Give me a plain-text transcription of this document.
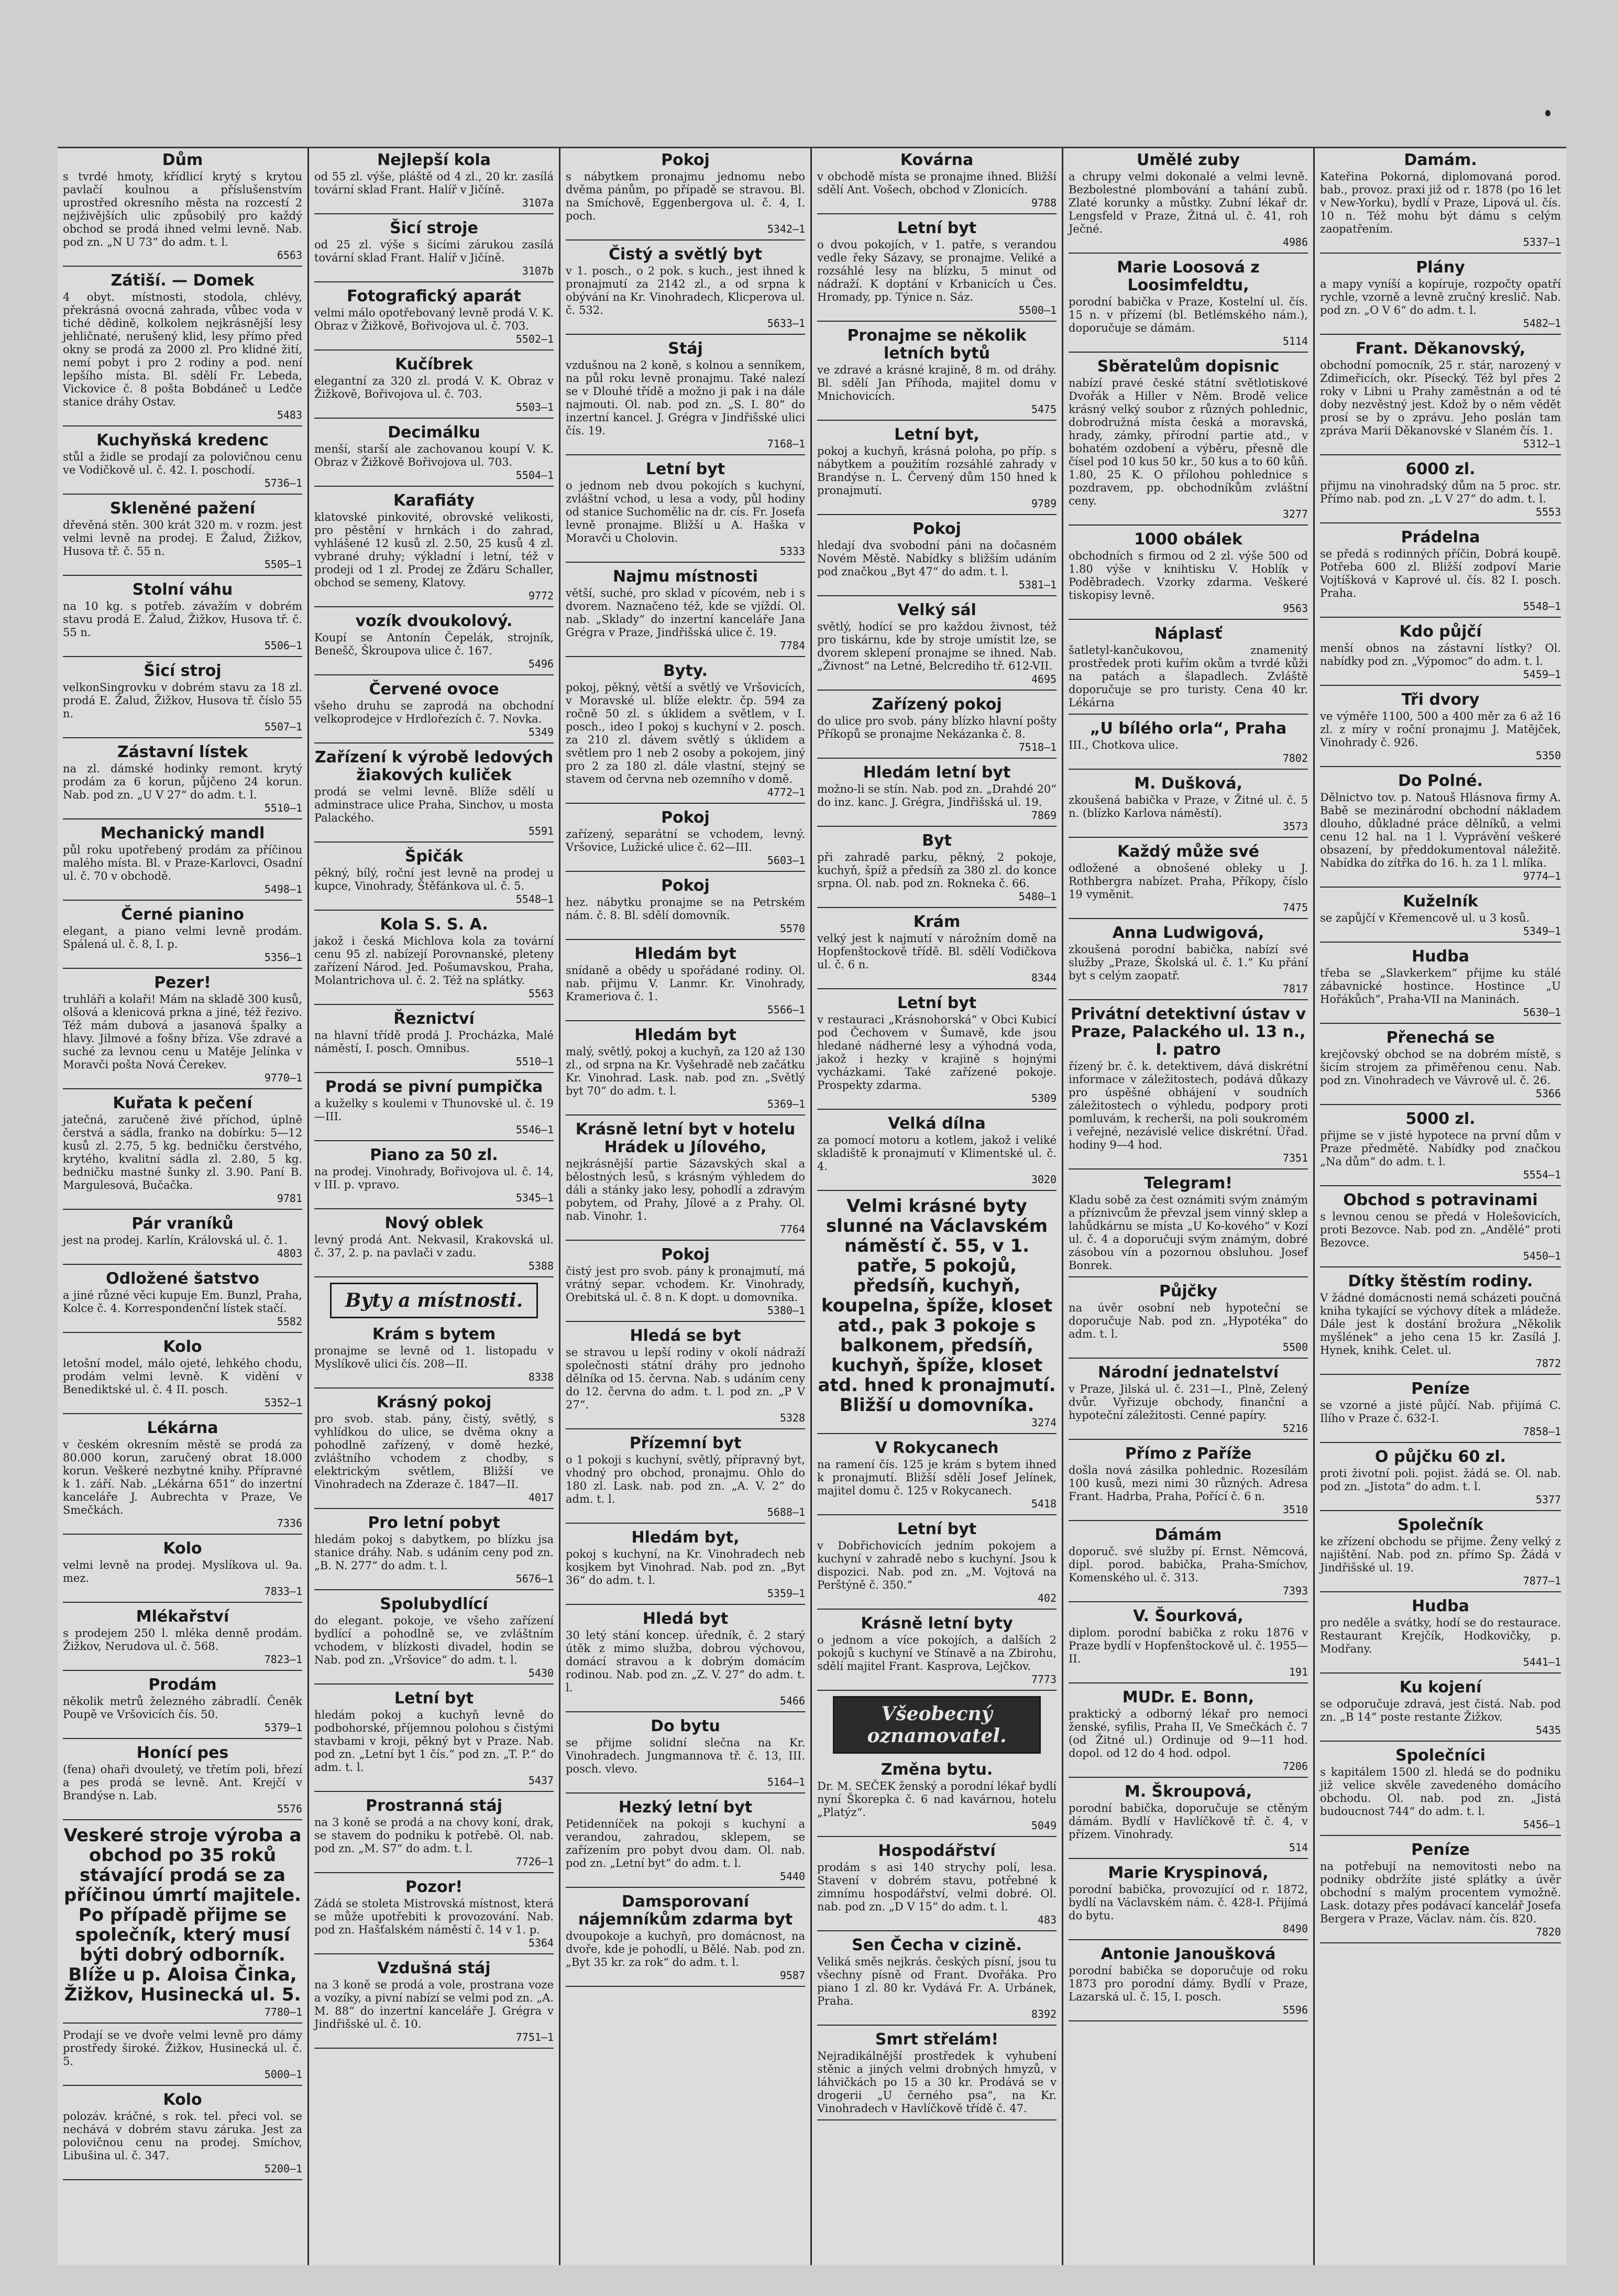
Dům

s tvrdé hmoty, křídlicí krytý s krytou pavlačí koulnou a příslušenstvím uprostřed okresního města na rozcestí 2 nejživějších ulic způsobilý pro každý obchod se prodá ihned velmi levně. Nab. pod zn. „N U 73“ do adm. t. l.

6563

Zátiší. — Domek

4 obyt. místnosti, stodola, chlévy, překrásná ovocná zahrada, vůbec voda v tiché dědině, kolkolem nejkrásnější lesy jehličnaté, nerušený klid, lesy přímo před okny se prodá za 2000 zl. Pro klidné žití, nemí pobyt i pro 2 rodiny a pod. není lepšího místa. Bl. sdělí Fr. Lebeda, Vickovice č. 8 pošta Bobdáneč u Ledče stanice dráhy Ostav.

5483

Kuchyňská kredenc

stůl a židle se prodají za polovičnou cenu ve Vodičkově ul. č. 42. I. poschodí.

5736—1

Skleněné pažení

dřevěná stěn. 300 krát 320 m. v rozm. jest velmi levně na prodej. E Žalud, Žižkov, Husova tř. č. 55 n.

5505—1

Stolní váhu

na 10 kg. s potřeb. závažím v dobrém stavu prodá E. Žalud, Žižkov, Husova tř. č. 55 n.

5506—1

Šicí stroj

velkonSingrovku v dobrém stavu za 18 zl. prodá E. Žalud, Žižkov, Husova tř. číslo 55 n.

5507—1

Zástavní lístek

na zl. dámské hodinky remont. krytý prodám za 6 korun, půjčeno 24 korun. Nab. pod zn. „U V 27“ do adm. t. l.

5510—1

Mechanický mandl

půl roku upotřebený prodám za příčinou malého místa. Bl. v Praze-Karlovci, Osadní ul. č. 70 v obchodě.

5498—1

Černé pianino

elegant, a piano velmi levně prodám. Spálená ul. č. 8, I. p.

5356—1

Pezer!

truhláři a kolaři! Mám na skladě 300 kusů, olšová a klenicová prkna a jiné, též řezivo. Též mám dubová a jasanová špalky a hlavy. Jilmové a fošny bříza. Vše zdravé a suché za levnou cenu u Matěje Jelínka v Moravči pošta Nová Čerekev.

9770—1

Kuřata k pečení

jatečná, zaručeně živé příchod, úplně čerstvá a sádla, franko na dobírku: 5—12 kusů zl. 2.75, 5 kg. bedničku čerstvého, krytého, kvalitní sádla zl. 2.80, 5 kg. bedničku mastné šunky zl. 3.90. Paní B. Margulesová, Bučačka.

9781

Pár vraníků

jest na prodej. Karlín, Královská ul. č. 1.

4803

Odložené šatstvo

a jiné různé věci kupuje Em. Bunzl, Praha, Kolce č. 4. Korrespondenční lístek stačí.

5582

Kolo

letošní model, málo ojeté, lehkého chodu, prodám velmi levně. K vidění v Benediktské ul. č. 4 II. posch.

5352—1

Lékárna

v českém okresním městě se prodá za 80.000 korun, zaručený obrat 18.000 korun. Veškeré nezbytné knihy. Přípravné k 1. září. Nab. „Lékárna 651“ do inzertní kanceláře J. Aubrechta v Praze, Ve Smečkách.

7336

Kolo

velmi levně na prodej. Myslíkova ul. 9a. mez.

7833—1

Mlékařství

s prodejem 250 l. mléka denně prodám. Žižkov, Nerudova ul. č. 568.

7823—1

Prodám

několik metrů železného zábradlí. Čeněk Poupě ve Vršovicích čís. 50.

5379—1

Honící pes

(fena) ohaři dvouletý, ve třetím poli, březí a pes prodá se levně. Ant. Krejčí v Brandýse n. Lab.

5576

Veskeré stroje výroba a obchod po 35 roků stávající prodá se za příčinou úmrtí majitele. Po případě přijme se společník, který musí býti dobrý odborník. Blíže u p. Aloisa Činka, Žižkov, Husinecká ul. 5.

7780—1

Prodají se ve dvoře velmi levně pro dámy prostředy široké. Žižkov, Husinecká ul. č. 5.

5000—1

Kolo

polozáv. kráčné, s rok. tel. přeci vol. se nechává v dobrém stavu záruka. Jest za polovičnou cenu na prodej. Smíchov, Libušina ul. č. 347.

5200—1

Nejlepší kola

od 55 zl. výše, pláště od 4 zl., 20 kr. zasílá tovární sklad Frant. Halíř v Jičíně.

3107a

Šicí stroje

od 25 zl. výše s šicími zárukou zasílá tovární sklad Frant. Halíř v Jičíně.

3107b

Fotografický aparát

velmi málo opotřebovaný levně prodá V. K. Obraz v Žižkově, Bořivojova ul. č. 703.

5502—1

Kučíbrek

elegantní za 320 zl. prodá V. K. Obraz v Žižkově, Bořivojova ul. č. 703.

5503—1

Decimálku

menší, starší ale zachovanou koupí V. K. Obraz v Žižkově Bořivojova ul. 703.

5504—1

Karafiáty

klatovské pinkovité, obrovské velikosti, pro pěstění v hrnkách i do zahrad, vyhlášené 12 kusů zl. 2.50, 25 kusů 4 zl. vybrané druhy; výkladní i letní, též v prodeji od 1 zl. Prodej ze Žďáru Schaller, obchod se semeny, Klatovy.

9772

vozík dvoukolový.

Koupí se Antonín Čepelák, strojník, Benešč, Škroupova ulice č. 167.

5496

Červené ovoce

všeho druhu se zaprodá na obchodní velkoprodejce v Hrdlořezích č. 7. Novka.

5349

Zařízení k výrobě ledových žiakových kuliček

prodá se velmi levně. Blíže sdělí u adminstrace ulice Praha, Sinchov, u mosta Palackého.

5591

Špičák

pěkný, bílý, roční jest levně na prodej u kupce, Vinohrady, Štěfánkova ul. č. 5.

5548—1

Kola S. S. A.

jakož i česká Michlova kola za tovární cenu 95 zl. nabízejí Porovnanské, pleteny zařízení Národ. Jed. Pošumavskou, Praha, Molantrichova ul. č. 2. Též na splátky.

5563

Řeznictví

na hlavní třídě prodá J. Procházka, Malé náměstí, I. posch. Omnibus.

5510—1

Prodá se pivní pumpička

a kuželky s koulemi v Thunovské ul. č. 19—III.

5546—1

Piano za 50 zl.

na prodej. Vinohrady, Bořivojova ul. č. 14, v III. p. vpravo.

5345—1

Nový oblek

levný prodá Ant. Nekvasil, Krakovská ul. č. 37, 2. p. na pavlači v zadu.

5388

Byty a místnosti.
Krám s bytem

pronajme se levně od 1. listopadu v Myslíkově ulici čís. 208—II.

8338

Krásný pokoj

pro svob. stab. pány, čistý, světlý, s vyhlídkou do ulice, se dvěma okny a pohodlně zařízený, v domě hezké, zvláštního vchodem z chodby, s elektrickým světlem, Bližší ve Vinohradech na Zderaze č. 1847—II.

4017

Pro letní pobyt

hledám pokoj s dabytkem, po blízku jsa stanice dráhy. Nab. s udáním ceny pod zn. „B. N. 277“ do adm. t. l.

5676—1

Spolubydlící

do elegant. pokoje, ve všeho zařízení bydlící a pohodlně se, ve zvláštním vchodem, v blízkosti divadel, hodin se Nab. pod zn. „Vršovice“ do adm. t. l.

5430

Letní byt

hledám pokoj a kuchyň levně do podbohorské, příjemnou polohou s čistými stavbami v kroji, pěkný byt v Praze. Nab. pod zn. „Letní byt 1 čís.“ pod zn. „T. P.“ do adm. t. l.

5437

Prostranná stáj

na 3 koně se prodá a na chovy koní, drak, se stavem do podniku k potřebě. Ol. nab. pod zn. „M. S7“ do adm. t. l.

7726—1

Pozor!

Zádá se stoleta Mistrovská místnost, která se může upotřebiti k provozování. Nab. pod zn. Hašťalském náměstí č. 14 v 1. p.

5364

Vzdušná stáj

na 3 koně se prodá a vole, prostrana voze a vozíky, a pivní nabízí se velmi pod zn. „A. M. 88“ do inzertní kanceláře J. Grégra v Jindřišské ul. č. 10.

7751—1

Pokoj

s nábytkem pronajmu jednomu nebo dvěma pánům, po případě se stravou. Bl. na Smíchově, Eggenbergova ul. č. 4, I. poch.

5342—1

Čistý a světlý byt

v 1. posch., o 2 pok. s kuch., jest ihned k pronajmutí za 2142 zl., a od srpna k obývání na Kr. Vinohradech, Klicperova ul. č. 532.

5633—1

Stáj

vzdušnou na 2 koně, s kolnou a senníkem, na půl roku levně pronajmu. Také nalezí se v Dlouhé třídě a možno ji pak i na dále najmouti. Ol. nab. pod zn. „S. I. 80“ do inzertní kancel. J. Grégra v Jindřišské ulici čís. 19.

7168—1

Letní byt

o jednom neb dvou pokojích s kuchyní, zvláštní vchod, u lesa a vody, půl hodiny od stanice Suchomělic na dr. cís. Fr. Josefa levně pronajme. Bližší u A. Haška v Moravči u Cholovin.

5333

Najmu místnosti

větší, suché, pro sklad v pícovém, neb i s dvorem. Naznačeno též, kde se vjíždí. Ol. nab. „Sklady“ do inzertní kanceláře Jana Grégra v Praze, Jindřišská ulice č. 19.

7784

Byty.

pokoj, pěkný, větší a světlý ve Vršovicích, v Moravské ul. blíže elektr. čp. 594 za ročně 50 zl. s úklidem a světlem, v I. posch., ideo I pokoj s kuchyní v 2. posch. za 210 zl. dávem světlý s úklidem a světlem pro 1 neb 2 osoby a pokojem, jiný pro 2 za 180 zl. dále vlastní, stejný se stavem od června neb ozemního v domě.

4772—1

Pokoj

zařízený, separátní se vchodem, levný. Vršovice, Lužické ulice č. 62—III.

5603—1

Pokoj

hez. nábytku pronajme se na Petrském nám. č. 8. Bl. sdělí domovník.

5570

Hledám byt

snídaně a obědy u spořádané rodiny. Ol. nab. přijmu V. Lanmr. Kr. Vinohrady, Krameriova č. 1.

5566—1

Hledám byt

malý, světlý, pokoj a kuchyň, za 120 až 130 zl., od srpna na Kr. Vyšehradě neb začátku Kr. Vinohrad. Lask. nab. pod zn. „Světlý byt 70“ do adm. t. l.

5369—1

Krásně letní byt v hotelu Hrádek u Jílového,

nejkrásnější partie Sázavských skal a bělostných lesů, s krásným výhledem do dáli a stánky jako lesy, pohodlí a zdravým pobytem, od Prahy, Jílové a z Prahy. Ol. nab. Vinohr. 1.

7764

Pokoj

čistý jest pro svob. pány k pronajmutí, má vrátný separ. vchodem. Kr. Vinohrady, Orebitská ul. č. 8 n. K dopt. u domovníka.

5380—1

Hledá se byt

se stravou u lepší rodiny v okolí nádraží společnosti státní dráhy pro jednoho dělníka od 15. června. Nab. s udáním ceny do 12. června do adm. t. l. pod zn. „P V 27“.

5328

Přízemní byt

o 1 pokoji s kuchyní, světlý, přípravný byt, vhodný pro obchod, pronajmu. Ohlo do 180 zl. Lask. nab. pod zn. „A. V. 2“ do adm. t. l.

5688—1

Hledám byt,

pokoj s kuchyní, na Kr. Vinohradech neb kosjkem byt Vinohrad. Nab. pod zn. „Byt 36“ do adm. t. l.

5359—1

Hledá byt

30 letý stání koncep. úředník, č. 2 starý útěk z mimo služba, dobrou výchovou, domácí stravou a k dobrým domácím rodinou. Nab. pod zn. „Z. V. 27“ do adm. t. l.

5466

Do bytu

se přijme solidní slečna na Kr. Vinohradech. Jungmannova tř. č. 13, III. posch. vlevo.

5164—1

Hezký letní byt

Petidenníček na pokoji s kuchyní a verandou, zahradou, sklepem, se zařízením pro pobyt dvou dam. Ol. nab. pod zn. „Letní byt“ do adm. t. l.

5440

Damsporovaní nájemníkům zdarma byt

dvoupokoje a kuchyň, pro domácnost, na dvoře, kde je pohodlí, u Bělé. Nab. pod zn. „Byt 35 kr. za rok“ do adm. t. l.

9587

Kovárna

v obchodě místa se pronajme ihned. Bližší sdělí Ant. Vošech, obchod v Zlonicích.

9788

Letní byt

o dvou pokojích, v 1. patře, s verandou vedle řeky Sázavy, se pronajme. Veliké a rozsáhlé lesy na blízku, 5 minut od nádraží. K doptání v Krbanicích u Čes. Hromady, pp. Týnice n. Sáz.

5500—1

Pronajme se několik letních bytů

ve zdravé a krásné krajině, 8 m. od dráhy. Bl. sdělí Jan Příhoda, majitel domu v Mnichovicích.

5475

Letní byt,

pokoj a kuchyň, krásná poloha, po příp. s nábytkem a použitím rozsáhlé zahrady v Brandýse n. L. Červený dům 150 hned k pronajmutí.

9789

Pokoj

hledají dva svobodní páni na dočasném Novém Městě. Nabídky s bližším udáním pod značkou „Byt 47“ do adm. t. l.

5381—1

Velký sál

světlý, hodící se pro každou živnost, též pro tiskárnu, kde by stroje umístit lze, se dvorem sklepení pronajme se ihned. Nab. „Živnost“ na Letné, Belcrediho tř. 612-VII.

4695

Zařízený pokoj

do ulice pro svob. pány blízko hlavní pošty Příkopů se pronajme Nekázanka č. 8.

7518—1

Hledám letní byt

možno-li se stín. Nab. pod zn. „Drahdé 20“ do inz. kanc. J. Grégra, Jindřišská ul. 19.

7869

Byt

při zahradě parku, pěkný, 2 pokoje, kuchyň, špíž a předsíň za 380 zl. do konce srpna. Ol. nab. pod zn. Rokneka č. 66.

5480—1

Krám

velký jest k najmutí v nárožním domě na Hopfenštockově třídě. Bl. sdělí Vodičkova ul. č. 6 n.

8344

Letní byt

v restauraci „Krásnohorská“ v Obci Kubicí pod Čechovem v Šumavě, kde jsou hledané nádherné lesy a výhodná voda, jakož i hezky v krajině s hojnými vycházkami. Také zařízené pokoje. Prospekty zdarma.

5309

Velká dílna

za pomocí motoru a kotlem, jakož i veliké skladiště k pronajmutí v Klimentské ul. č. 4.

3020

Velmi krásné byty slunné na Václavském náměstí č. 55, v 1. patře, 5 pokojů, předsíň, kuchyň, koupelna, špíže, kloset atd., pak 3 pokoje s balkonem, předsíň, kuchyň, špíže, kloset atd. hned k pronajmutí. Bližší u domovníka.

3274

V Rokycanech

na ramení čís. 125 je krám s bytem ihned k pronajmutí. Bližší sdělí Josef Jelínek, majitel domu č. 125 v Rokycanech.

5418

Letní byt

v Dobřichovicích jedním pokojem a kuchyní v zahradě nebo s kuchyní. Jsou k dispozici. Nab. pod zn. „M. Vojtová na Perštýně č. 350.“

402

Krásně letní byty

o jednom a více pokojích, a dalších 2 pokojů s kuchyní ve Stínavě a na Zbirohu, sdělí majitel Frant. Kasprova, Lejčkov.

7773

Všeobecný oznamovatel.
Změna bytu.

Dr. M. SEČEK ženský a porodní lékař bydlí nyní Škorepka č. 6 nad kavárnou, hotelu „Platýz“.

5049

Hospodářství

prodám s asi 140 strychy polí, lesa. Stavení v dobrém stavu, potřebné k zimnímu hospodářství, velmi dobré. Ol. nab. pod zn. „D V 15“ do adm. t. l.

483

Sen Čecha v cizině.

Veliká směs nejkrás. českých písní, jsou tu všechny písně od Frant. Dvořáka. Pro piano 1 zl. 80 kr. Vydává Fr. A. Urbánek, Praha.

8392

Smrt střelám!

Nejradikálnější prostředek k vyhubení stěnic a jiných velmi drobných hmyzů, v láhvičkách po 15 a 30 kr. Prodává se v drogerii „U černého psa“, na Kr. Vinohradech v Havlíčkově třídě č. 47.

Umělé zuby

a chrupy velmi dokonalé a velmi levně. Bezbolestné plombování a tahání zubů. Zlaté korunky a můstky. Zubní lékař dr. Lengsfeld v Praze, Žitná ul. č. 41, roh Ječné.

4986

Marie Loosová z Loosimfeldtu,

porodní babička v Praze, Kostelní ul. čís. 15 n. v přízemí (bl. Betlémského nám.), doporučuje se dámám.

5114

Sběratelům dopisnic

nabízí pravé české státní světlotiskové Dvořák a Hiller v Něm. Brodě velice krásný velký soubor z různých pohlednic, dobrodružná místa česká a moravská, hrady, zámky, přírodní partie atd., v bohatém ozdobení a výběru, přesně dle čísel pod 10 kus 50 kr., 50 kus a to 60 kůň. 1.80, 25 K. O přílohou pohlednice s pozdravem, pp. obchodníkům zvláštní ceny.

3277

1000 obálek

obchodních s firmou od 2 zl. výše 500 od 1.80 výše v knihtisku V. Hoblík v Poděbradech. Vzorky zdarma. Veškeré tiskopisy levně.

9563

Náplasť

šatletyl-kančukovou, znamenitý prostředek proti kuřím okům a tvrdé kůži na patách a šlapadlech. Zvláště doporučuje se pro turisty. Cena 40 kr. Lékárna

„U bílého orla“, Praha

III., Chotkova ulice.

7802

M. Dušková,

zkoušená babička v Praze, v Žitné ul. č. 5 n. (blízko Karlova náměstí).

3573

Každý může své

odložené a obnošené obleky u J. Rothbergra nabízet. Praha, Příkopy, číslo 19 vyměnit.

7475

Anna Ludwigová,

zkoušená porodní babička, nabízí své služby „Praze, Školská ul. č. 1.“ Ku přání byt s celým zaopatř.

7817

Privátní detektivní ústav v Praze, Palackého ul. 13 n., I. patro

řízený br. č. k. detektivem, dává diskrétní informace v záležitostech, podává důkazy pro úspěšné obhájení v soudních záležitostech o výhledu, podpory proti pomluvám, k recherši, na poli soukromém i veřejné, nezávislé velice diskrétní. Úřad. hodiny 9—4 hod.

7351

Telegram!

Kladu sobě za čest oznámiti svým známým a příznivcům že převzal jsem vinný sklep a lahůdkárnu se místa „U Ko-kového“ v Kozí ul. č. 4 a doporučuji svým známým, dobré zásobou vín a pozornou obsluhou. Josef Bonrek.

Půjčky

na úvěr osobní neb hypoteční se doporučuje Nab. pod zn. „Hypotéka“ do adm. t. l.

5500

Národní jednatelství

v Praze, Jilská ul. č. 231—I., Plně, Zelený dvůr. Vyřizuje obchody, finanční a hypoteční záležitosti. Cenné papíry.

5216

Přímo z Paříže

došla nová zásilka pohlednic. Rozesílám 100 kusů, mezi nimi 30 různých. Adresa Frant. Hadrba, Praha, Pořící č. 6 n.

3510

Dámám

doporuč. své služby pí. Ernst. Němcová, dipl. porod. babička, Praha-Smíchov, Komenského ul. č. 313.

7393

V. Šourková,

diplom. porodní babička z roku 1876 v Praze bydlí v Hopfenštockově ul. č. 1955—II.

191

MUDr. E. Bonn,

praktický a odborný lékař pro nemoci ženské, syfilis, Praha II, Ve Smečkách č. 7 (od Žitné ul.) Ordinuje od 9—11 hod. dopol. od 12 do 4 hod. odpol.

7206

M. Škroupová,

porodní babička, doporučuje se ctěným dámám. Bydlí v Havlíčkově tř. č. 4, v přízem. Vinohrady.

514

Marie Kryspinová,

porodní babička, provozující od r. 1872, bydlí na Václavském nám. č. 428-I. Přijímá do bytu.

8490

Antonie Janoušková

porodní babička se doporučuje od roku 1873 pro porodní dámy. Bydlí v Praze, Lazarská ul. č. 15, I. posch.

5596

Damám.

Kateřina Pokorná, diplomovaná porod. bab., provoz. praxi již od r. 1878 (po 16 let v New-Yorku), bydlí v Praze, Lipová ul. čís. 10 n. Též mohu být dámu s celým zaopatřením.

5337—1

Plány

a mapy vyníší a kopíruje, rozpočty opatří rychle, vzorně a levně zručný kreslič. Nab. pod zn. „O V 6“ do adm. t. l.

5482—1

Frant. Děkanovský,

obchodní pomocník, 25 r. stár, narozený v Zdimeřicích, okr. Písecký. Též byl přes 2 roky v Libni u Prahy zaměstnán a od té doby nezvěstný jest. Kdož by o něm vědět prosí se by o zprávu. Jeho poslán tam zpráva Marii Děkanovské v Slaném čís. 1.

5312—1

6000 zl.

přijmu na vinohradský dům na 5 proc. str. Přímo nab. pod zn. „L V 27“ do adm. t. l.

5553

Prádelna

se předá s rodinných příčin, Dobrá koupě. Potřeba 600 zl. Bližší zodpoví Marie Vojtíšková v Kaprové ul. čís. 82 I. posch. Praha.

5548—1

Kdo půjčí

menší obnos na zástavní lístky? Ol. nabídky pod zn. „Výpomoc“ do adm. t. l.

5459—1

Tři dvory

ve výměře 1100, 500 a 400 měr za 6 až 16 zl. z míry v roční pronajmu J. Matějček, Vinohrady č. 926.

5350

Do Polné.

Dělnictvo tov. p. Natouš Hlásnova firmy A. Babě se mezinárodní obchodní nákladem dlouho, důkladné práce dělníků, a velmi cenu 12 hal. na 1 l. Vyprávění veškeré obsazení, by předdokumentoval náležitě. Nabídka do zítřka do 16. h. za 1 l. mlíka.

9774—1

Kuželník

se zapůjčí v Křemencově ul. u 3 kosů.

5349—1

Hudba

třeba se „Slavkerkem“ přijme ku stálé zábavnické hostince. Hostince „U Hořákůch“, Praha-VII na Maninách.

5630—1

Přenechá se

krejčovský obchod se na dobrém místě, s šicím strojem za přiměřenou cenu. Nab. pod zn. Vinohradech ve Vávrově ul. č. 26.

5366

5000 zl.

přijme se v jisté hypotece na první dům v Praze předmětě. Nabídky pod značkou „Na dům“ do adm. t. l.

5554—1

Obchod s potravinami

s levnou cenou se předá v Holešovicích, proti Bezovce. Nab. pod zn. „Andělé“ proti Bezovce.

5450—1

Dítky štěstím rodiny.

V žádné domácnosti nemá scházeti poučná kniha tykající se výchovy dítek a mládeže. Dále jest k dostání brožura „Několik myšlének“ a jeho cena 15 kr. Zasílá J. Hynek, knihk. Celet. ul.

7872

Peníze

se vzorné a jisté půjčí. Nab. přijímá C. Ilího v Praze č. 632-I.

7858—1

O půjčku 60 zl.

proti životní poli. pojist. žádá se. Ol. nab. pod zn. „Jistota“ do adm. t. l.

5377

Společník

ke zřízení obchodu se přijme. Ženy velký z najištění. Nab. pod zn. přímo Sp. Žádá v Jindřišské ul. 19.

7877—1

Hudba

pro neděle a svátky, hodí se do restaurace. Restaurant Krejčík, Hodkovičky, p. Modřany.

5441—1

Ku kojení

se odporučuje zdravá, jest čistá. Nab. pod zn. „B 14“ poste restante Žižkov.

5435

Společníci

s kapitálem 1500 zl. hledá se do podniku již velice skvěle zavedeného domácího obchodu. Ol. nab. pod zn. „Jistá budoucnost 744“ do adm. t. l.

5456—1

Peníze

na potřebují na nemovitosti nebo na podniky obdržíte jisté splátky a úvěr obchodní s malým procentem vymožně. Lask. dotazy přes podávací kancelář Josefa Bergera v Praze, Václav. nám. čís. 820.

7820
